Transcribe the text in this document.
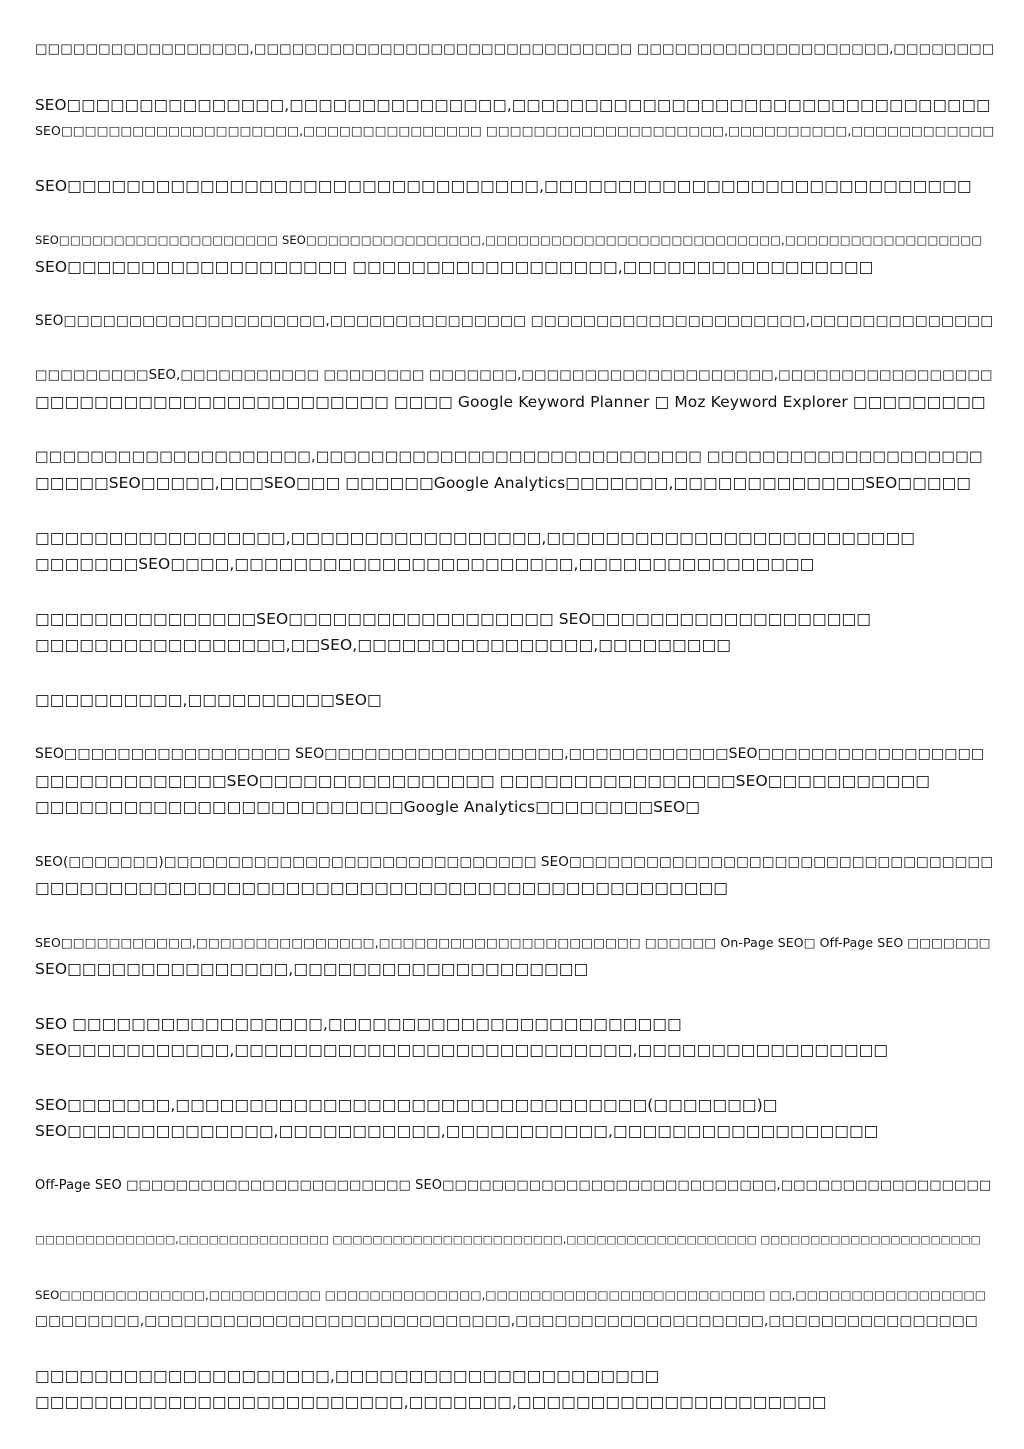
□□□□□□□□□□□□□□□□□,□□□□□□□□□□□□□□□□□□□□□□□□□□□□□□ □□□□□□□□□□□□□□□□□□□□,□□□□□□□□
SEO□□□□□□□□□□□□□□□,□□□□□□□□□□□□□□□,□□□□□□□□□□□□□□□□□□□□□□□□□□□□□□□□□
SEO□□□□□□□□□□□□□□□□□□□□,□□□□□□□□□□□□□□□ □□□□□□□□□□□□□□□□□□□□,□□□□□□□□□□,□□□□□□□□□□□□
SEO□□□□□□□□□□□□□□□□□□□□□□□□□□□□□□□□,□□□□□□□□□□□□□□□□□□□□□□□□□□□□□
SEO□□□□□□□□□□□□□□□□□□□□ SEO□□□□□□□□□□□□□□□□,□□□□□□□□□□□□□□□□□□□□□□□□□□□,□□□□□□□□□□□□□□□□□□
SEO□□□□□□□□□□□□□□□□□□□ □□□□□□□□□□□□□□□□□□,□□□□□□□□□□□□□□□□□
SEO□□□□□□□□□□□□□□□□□□□□,□□□□□□□□□□□□□□□ □□□□□□□□□□□□□□□□□□□□□,□□□□□□□□□□□□□□
□□□□□□□□□SEO,□□□□□□□□□□□ □□□□□□□□ □□□□□□□,□□□□□□□□□□□□□□□□□□□□,□□□□□□□□□□□□□□□□□
□□□□□□□□□□□□□□□□□□□□□□□□ □□□□ Google Keyword Planner □ Moz Keyword Explorer □□□□□□□□□
□□□□□□□□□□□□□□□□□□□□,□□□□□□□□□□□□□□□□□□□□□□□□□□□□ □□□□□□□□□□□□□□□□□□□□
□□□□□SEO□□□□□,□□□SEO□□□ □□□□□□Google Analytics□□□□□□□,□□□□□□□□□□□□□SEO□□□□□
□□□□□□□□□□□□□□□□□,□□□□□□□□□□□□□□□□□,□□□□□□□□□□□□□□□□□□□□□□□□□
□□□□□□□SEO□□□□,□□□□□□□□□□□□□□□□□□□□□□□,□□□□□□□□□□□□□□□□
□□□□□□□□□□□□□□□SEO□□□□□□□□□□□□□□□□□□ SEO□□□□□□□□□□□□□□□□□□□
□□□□□□□□□□□□□□□□□,□□SEO,□□□□□□□□□□□□□□□□,□□□□□□□□□
□□□□□□□□□□,□□□□□□□□□□SEO□
SEO□□□□□□□□□□□□□□□□□ SEO□□□□□□□□□□□□□□□□□□,□□□□□□□□□□□□SEO□□□□□□□□□□□□□□□□□
□□□□□□□□□□□□□SEO□□□□□□□□□□□□□□□□ □□□□□□□□□□□□□□□□SEO□□□□□□□□□□□
□□□□□□□□□□□□□□□□□□□□□□□□□Google Analytics□□□□□□□□SEO□
SEO(□□□□□□□)□□□□□□□□□□□□□□□□□□□□□□□□□□□□□ SEO□□□□□□□□□□□□□□□□□□□□□□□□□□□□□□□□□
□□□□□□□□□□□□□□□□□□□□□□□□□□□□□□□□□□□□□□□□□□□□□□□
SEO□□□□□□□□□□□,□□□□□□□□□□□□□□□,□□□□□□□□□□□□□□□□□□□□□□ □□□□□□ On-Page SEO□ Off-Page SEO □□□□□□□
SEO□□□□□□□□□□□□□□□,□□□□□□□□□□□□□□□□□□□□
SEO □□□□□□□□□□□□□□□□□,□□□□□□□□□□□□□□□□□□□□□□□□
SEO□□□□□□□□□□□,□□□□□□□□□□□□□□□□□□□□□□□□□□□,□□□□□□□□□□□□□□□□□
SEO□□□□□□□,□□□□□□□□□□□□□□□□□□□□□□□□□□□□□□□□(□□□□□□□)□
SEO□□□□□□□□□□□□□□,□□□□□□□□□□□,□□□□□□□□□□□,□□□□□□□□□□□□□□□□□□
Off-Page SEO □□□□□□□□□□□□□□□□□□□□□□□ SEO□□□□□□□□□□□□□□□□□□□□□□□□□□□,□□□□□□□□□□□□□□□□□
□□□□□□□□□□□□□□,□□□□□□□□□□□□□□□ □□□□□□□□□□□□□□□□□□□□□□□,□□□□□□□□□□□□□□□□□□□ □□□□□□□□□□□□□□□□□□□□□□
SEO□□□□□□□□□□□□□,□□□□□□□□□□ □□□□□□□□□□□□□□,□□□□□□□□□□□□□□□□□□□□□□□□□ □□,□□□□□□□□□□□□□□□□□
□□□□□□□□,□□□□□□□□□□□□□□□□□□□□□□□□□□□□,□□□□□□□□□□□□□□□□□□□,□□□□□□□□□□□□□□□□
□□□□□□□□□□□□□□□□□□□□,□□□□□□□□□□□□□□□□□□□□□□
□□□□□□□□□□□□□□□□□□□□□□□□□,□□□□□□□,□□□□□□□□□□□□□□□□□□□□□
